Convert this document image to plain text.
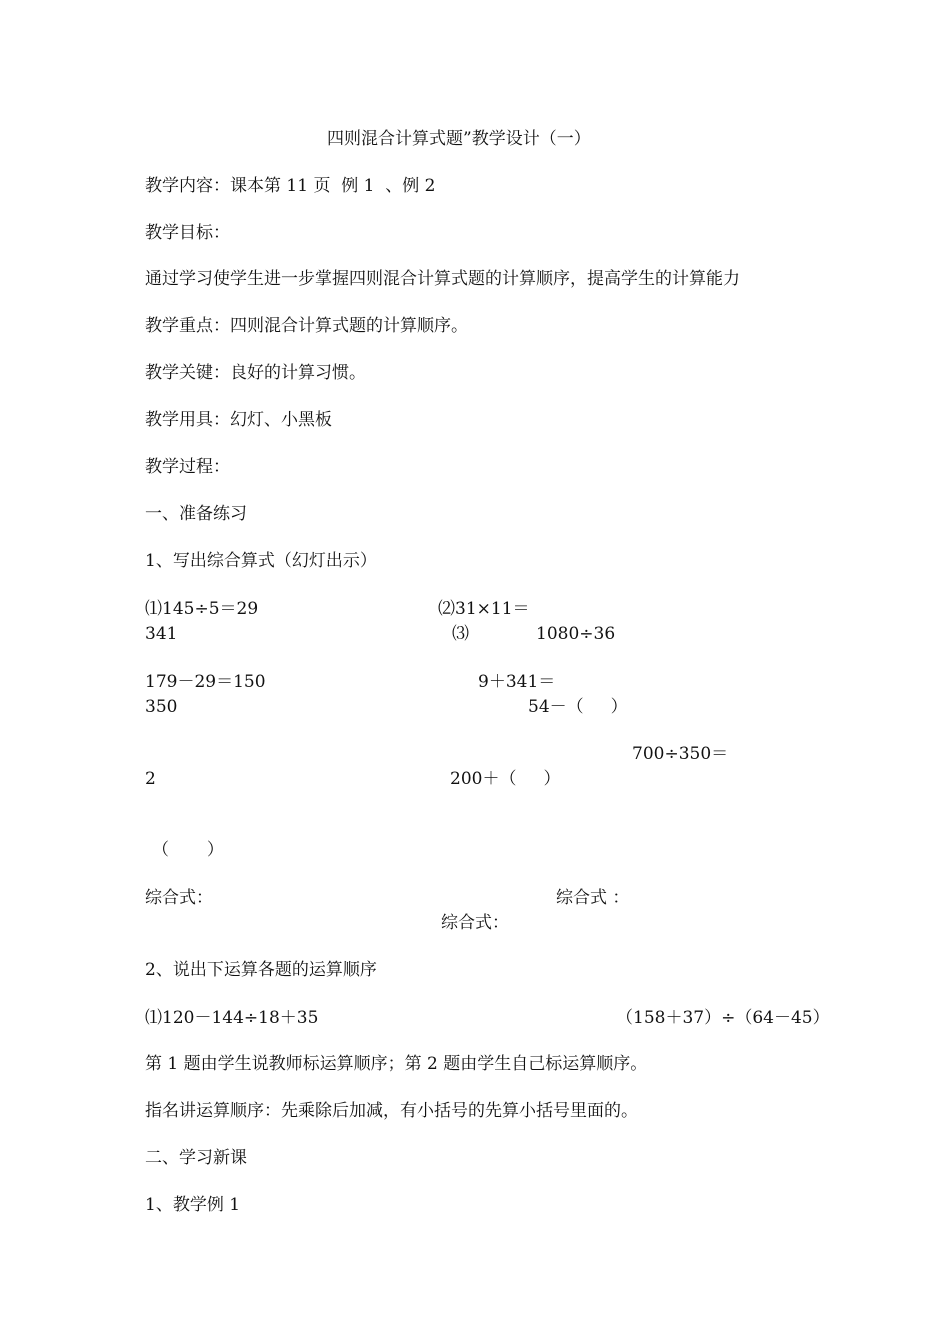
四则混合计算式题”教学设计（一）
教学内容：课本第 11 页  例 1  、例 2
教学目标：
通过学习使学生进一步掌握四则混合计算式题的计算顺序，提高学生的计算能力
教学重点：四则混合计算式题的计算顺序。
教学关键：良好的计算习惯。
教学用具：幻灯、小黑板
教学过程：
一、准备练习
1、写出综合算式（幻灯出示）
⑴145÷5＝29	⑵31×11＝
341	⑶	1080÷36
179－29＝150	9＋341＝
350	54－（     ）
700÷350＝
2	200＋（     ）
（       ）
综合式：	综合式 ：
综合式：
2、说出下运算各题的运算顺序
⑴120－144÷18＋35	（158＋37）÷（64－45）
第 1 题由学生说教师标运算顺序；第 2 题由学生自己标运算顺序。
指名讲运算顺序：先乘除后加减，有小括号的先算小括号里面的。
二、学习新课
1、教学例 1
